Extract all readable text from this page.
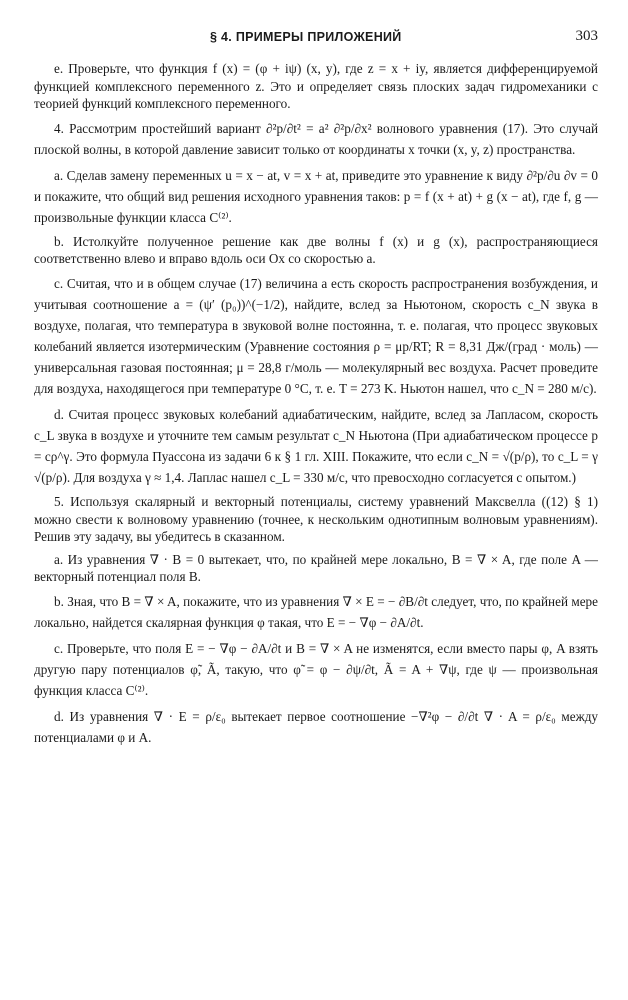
§ 4. ПРИМЕРЫ ПРИЛОЖЕНИЙ	303

e. Проверьте, что функция f (x) = (φ + iψ) (x, y), где z = x + iy, является дифференцируемой функцией комплексного переменного z. Это и определяет связь плоских задач гидромеханики с теорией функций комплексного переменного.

4. Рассмотрим простейший вариант ∂²p/∂t² = a² ∂²p/∂x² волнового уравнения (17). Это случай плоской волны, в которой давление зависит только от координаты x точки (x, y, z) пространства.

a. Сделав замену переменных u = x − at, v = x + at, приведите это уравнение к виду ∂²p/∂u ∂v = 0 и покажите, что общий вид решения исходного уравнения таков: p = f (x + at) + g (x − at), где f, g — произвольные функции класса C⁽²⁾.

b. Истолкуйте полученное решение как две волны f (x) и g (x), распространяющиеся соответственно влево и вправо вдоль оси Ox со скоростью a.

c. Считая, что и в общем случае (17) величина a есть скорость распространения возбуждения, и учитывая соотношение a = (ψ′ (p₀))^(−1/2), найдите, вслед за Ньютоном, скорость c_N звука в воздухе, полагая, что температура в звуковой волне постоянна, т. е. полагая, что процесс звуковых колебаний является изотермическим (Уравнение состояния ρ = μp/RT; R = 8,31 Дж/(град · моль) — универсальная газовая постоянная; μ = 28,8 г/моль — молекулярный вес воздуха. Расчет проведите для воздуха, находящегося при температуре 0 °C, т. е. T = 273 K. Ньютон нашел, что c_N = 280 м/с).

d. Считая процесс звуковых колебаний адиабатическим, найдите, вслед за Лапласом, скорость c_L звука в воздухе и уточните тем самым результат c_N Ньютона (При адиабатическом процессе p = cρ^γ. Это формула Пуассона из задачи 6 к § 1 гл. XIII. Покажите, что если c_N = √(p/ρ), то c_L = γ √(p/ρ). Для воздуха γ ≈ 1,4. Лаплас нашел c_L = 330 м/с, что превосходно согласуется с опытом.)

5. Используя скалярный и векторный потенциалы, систему уравнений Максвелла ((12) § 1) можно свести к волновому уравнению (точнее, к нескольким однотипным волновым уравнениям). Решив эту задачу, вы убедитесь в сказанном.

a. Из уравнения ∇ · B = 0 вытекает, что, по крайней мере локально, B = ∇ × A, где поле A — векторный потенциал поля B.

b. Зная, что B = ∇ × A, покажите, что из уравнения ∇ × E = − ∂B/∂t следует, что, по крайней мере локально, найдется скалярная функция φ такая, что E = − ∇φ − ∂A/∂t.

c. Проверьте, что поля E = − ∇φ − ∂A/∂t и B = ∇ × A не изменятся, если вместо пары φ, A взять другую пару потенциалов φ̃, Ã, такую, что φ̃ = φ − ∂ψ/∂t, Ã = A + ∇ψ, где ψ — произвольная функция класса C⁽²⁾.

d. Из уравнения ∇ · E = ρ/ε₀ вытекает первое соотношение −∇²φ − ∂/∂t ∇ · A = ρ/ε₀ между потенциалами φ и A.
